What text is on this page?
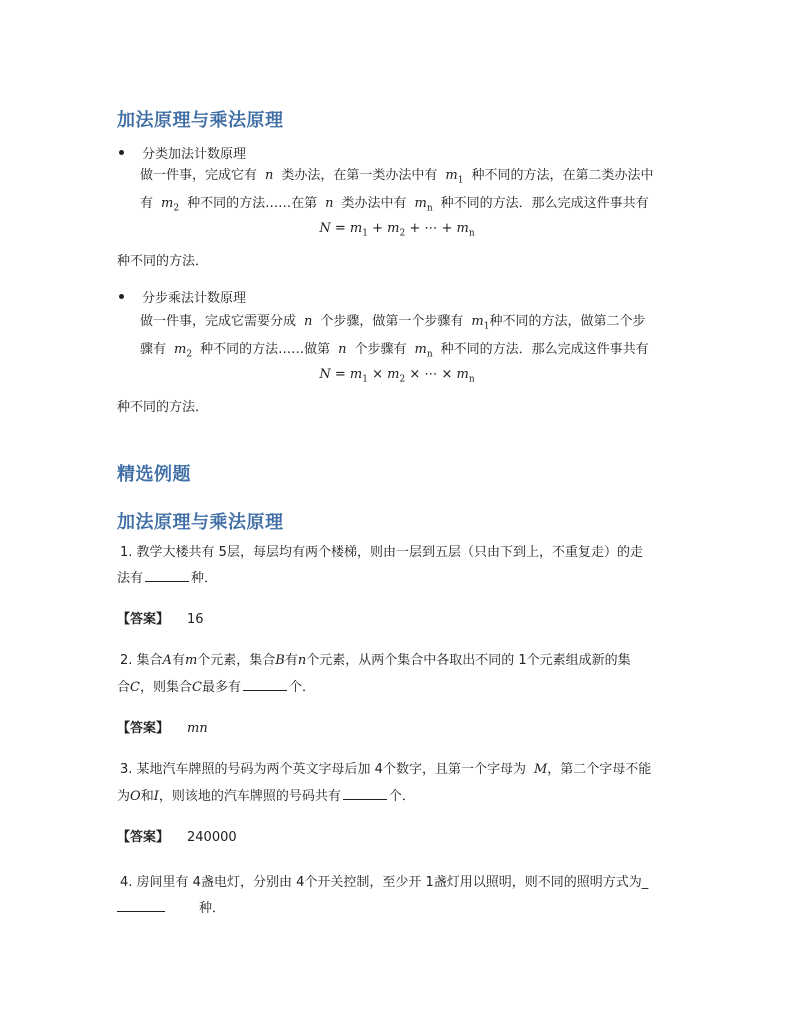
加法原理与乘法原理
分类加法计数原理
做一件事，完成它有 n 类办法，在第一类办法中有 $m_1$ 种不同的方法，在第二类办法中
有 $m_2$ 种不同的方法……在第 n 类办法中有 $m_n$ 种不同的方法．那么完成这件事共有
$N = m_1 + m_2$ + ⋯ + $m_n$
种不同的方法．
分步乘法计数原理
做一件事，完成它需要分成 n 个步骤，做第一个步骤有 $m_1$种不同的方法，做第二个步
骤有 $m_2$ 种不同的方法……做第 n 个步骤有 $m_n$ 种不同的方法．那么完成这件事共有
$N = m_1 \times m_2$ × ⋯ × $m_n$
种不同的方法．
精选例题
加法原理与乘法原理
1. 教学大楼共有 5层，每层均有两个楼梯，则由一层到五层（只由下到上，不重复走）的走
法有	种．
【答案】 16
2. 集合A有m个元素，集合B有n个元素，从两个集合中各取出不同的 1个元素组成新的集
合C，则集合C最多有	个．
【答案】 mn
3. 某地汽车牌照的号码为两个英文字母后加 4个数字，且第一个字母为 M，第二个字母不能
为O和I，则该地的汽车牌照的号码共有	个．
【答案】 240000
4. 房间里有 4盏电灯，分别由 4个开关控制，至少开 1盏灯用以照明，则不同的照明方式为_
种．
